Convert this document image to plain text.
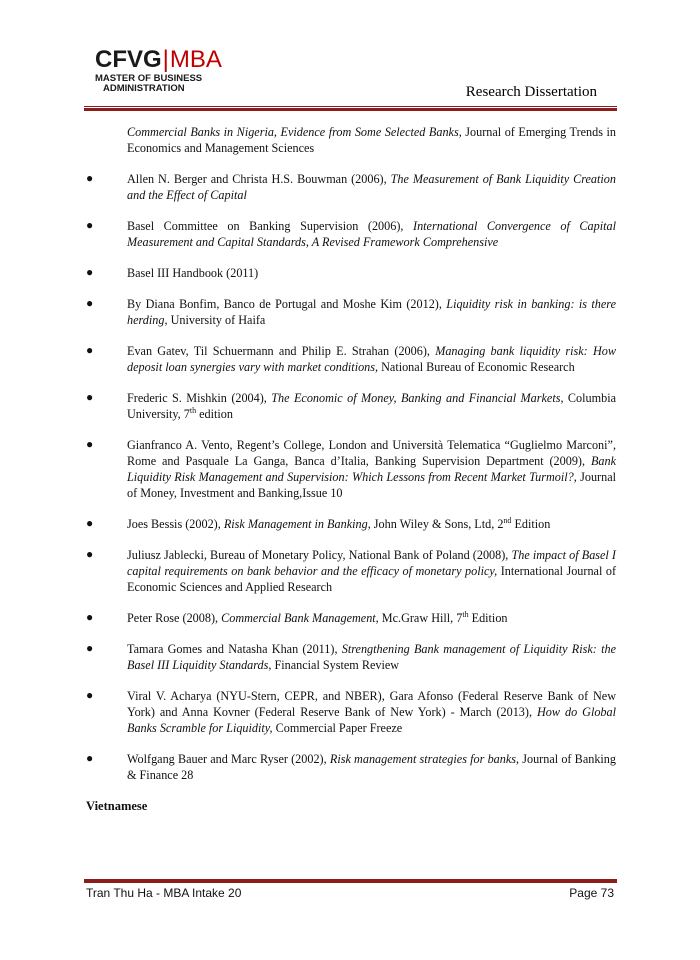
CFVG|MBA
MASTER OF BUSINESS
ADMINISTRATION	Research Dissertation
Commercial Banks in Nigeria, Evidence from Some Selected Banks, Journal of Emerging Trends in Economics and Management Sciences
●	Allen N. Berger and Christa H.S. Bouwman (2006), The Measurement of Bank Liquidity Creation and the Effect of Capital
●	Basel Committee on Banking Supervision (2006), International Convergence of Capital Measurement and Capital Standards, A Revised Framework Comprehensive
●	Basel III Handbook (2011)
●	By Diana Bonfim, Banco de Portugal and Moshe Kim (2012), Liquidity risk in banking: is there herding, University of Haifa
●	Evan Gatev, Til Schuermann and Philip E. Strahan (2006), Managing bank liquidity risk: How deposit loan synergies vary with market conditions, National Bureau of Economic Research
●	Frederic S. Mishkin (2004), The Economic of Money, Banking and Financial Markets, Columbia University, 7th edition
●	Gianfranco A. Vento, Regent’s College, London and Università Telematica “Guglielmo Marconi”, Rome and Pasquale La Ganga, Banca d’Italia, Banking Supervision Department (2009), Bank Liquidity Risk Management and Supervision: Which Lessons from Recent Market Turmoil?, Journal of Money, Investment and Banking,Issue 10
●	Joes Bessis (2002), Risk Management in Banking, John Wiley & Sons, Ltd, 2nd Edition
●	Juliusz Jablecki, Bureau of Monetary Policy, National Bank of Poland (2008), The impact of Basel I capital requirements on bank behavior and the efficacy of monetary policy, International Journal of Economic Sciences and Applied Research
●	Peter Rose (2008), Commercial Bank Management, Mc.Graw Hill, 7th Edition
●	Tamara Gomes and Natasha Khan (2011), Strengthening Bank management of Liquidity Risk: the Basel III Liquidity Standards, Financial System Review
●	Viral V. Acharya (NYU-Stern, CEPR, and NBER), Gara Afonso (Federal Reserve Bank of New York) and Anna Kovner (Federal Reserve Bank of New York) - March (2013), How do Global Banks Scramble for Liquidity, Commercial Paper Freeze
●	Wolfgang Bauer and Marc Ryser (2002), Risk management strategies for banks, Journal of Banking & Finance 28
Vietnamese
Tran Thu Ha - MBA Intake 20	Page 73
